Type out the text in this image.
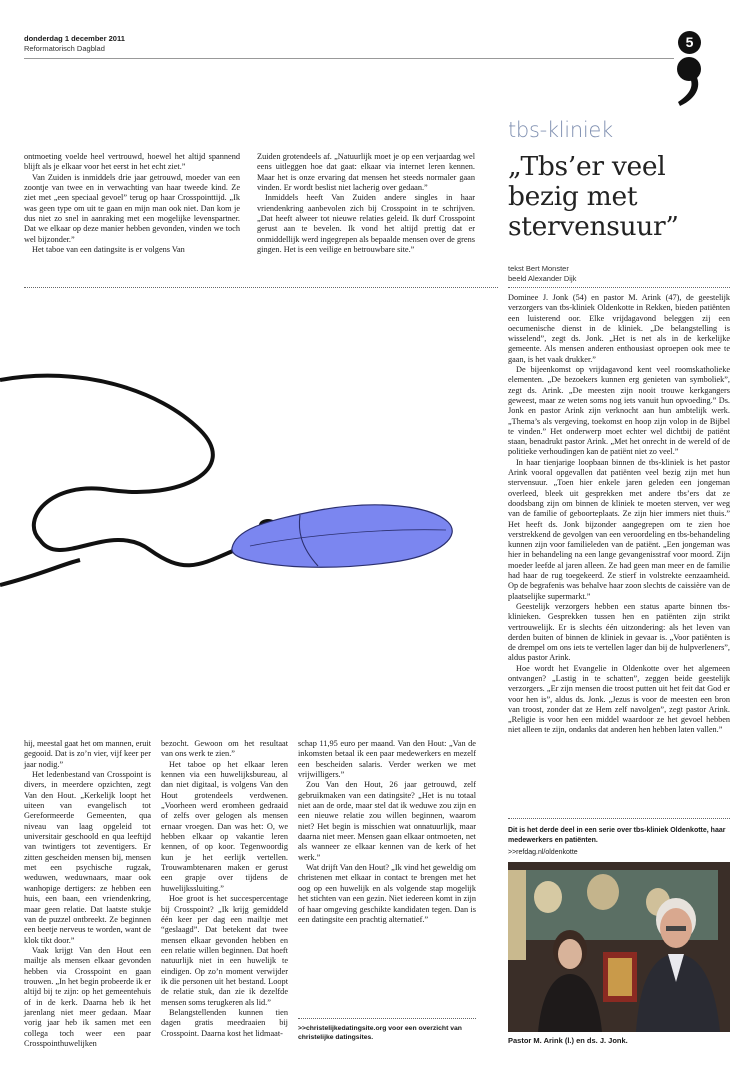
donderdag 1 december 2011
Reformatorisch Dagblad	5

ontmoeting voelde heel vertrouwd, hoewel het altijd spannend blijft als je elkaar voor het eerst in het echt ziet.”

Van Zuiden is inmiddels drie jaar getrouwd, moeder van een zoontje van twee en in verwachting van haar tweede kind. Ze ziet met „een speciaal gevoel” terug op haar Crosspointtijd. „Ik was geen type om uit te gaan en mijn man ook niet. Dan kom je dus niet zo snel in aanraking met een mogelijke levenspartner. Dat we elkaar op deze manier hebben gevonden, vinden we toch wel bijzonder.”

Het taboe van een datingsite is er volgens Van

Zuiden grotendeels af. „Natuurlijk moet je op een verjaardag wel eens uitleggen hoe dat gaat: elkaar via internet leren kennen. Maar het is onze ervaring dat mensen het steeds normaler gaan vinden. Er wordt beslist niet lacherig over gedaan.”

Inmiddels heeft Van Zuiden andere singles in haar vriendenkring aanbevolen zich bij Crosspoint in te schrijven. „Dat heeft alweer tot nieuwe relaties geleid. Ik durf Crosspoint gerust aan te bevelen. Ik vond het altijd prettig dat er onmiddellijk werd ingegrepen als bepaalde mensen over de grens gingen. Het is een veilige en betrouwbare site.”

hij, meestal gaat het om mannen, eruit gegooid. Dat is zo’n vier, vijf keer per jaar nodig.”

Het ledenbestand van Crosspoint is divers, in meerdere opzichten, zegt Van den Hout. „Kerkelijk loopt het uiteen van evangelisch tot Gereformeerde Gemeenten, qua niveau van laag opgeleid tot universitair geschoold en qua leeftijd van twintigers tot zeventigers. Er zitten gescheiden mensen bij, mensen met een psychische rugzak, weduwen, weduwnaars, maar ook wanhopige dertigers: ze hebben een huis, een baan, een vriendenkring, maar geen relatie. Dat laatste stukje van de puzzel ontbreekt. Ze beginnen een beetje nerveus te worden, want de klok tikt door.”

Vaak krijgt Van den Hout een mailtje als mensen elkaar gevonden hebben via Crosspoint en gaan trouwen. „In het begin probeerde ik er altijd bij te zijn: op het gemeentehuis of in de kerk. Daarna heb ik het jarenlang niet meer gedaan. Maar vorig jaar heb ik samen met een collega toch weer een paar Crosspointhuwelijken

bezocht. Gewoon om het resultaat van ons werk te zien.”

Het taboe op het elkaar leren kennen via een huwelijksbureau, al dan niet digitaal, is volgens Van den Hout grotendeels verdwenen. „Voorheen werd eromheen gedraaid of zelfs over gelogen als mensen ernaar vroegen. Dan was het: O, we hebben elkaar op vakantie leren kennen, of op koor. Tegenwoordig kun je het eerlijk vertellen. Trouwambtenaren maken er gerust een grapje over tijdens de huwelijkssluiting.”

Hoe groot is het succespercentage bij Crosspoint? „Ik krijg gemiddeld één keer per dag een mailtje met “geslaagd”. Dat betekent dat twee mensen elkaar gevonden hebben en een relatie willen beginnen. Dat hoeft natuurlijk niet in een huwelijk te eindigen. Op zo’n moment verwijder ik die personen uit het bestand. Loopt de relatie stuk, dan zie ik dezelfde mensen soms terugkeren als lid.”

Belangstellenden kunnen tien dagen gratis meedraaien bij Crosspoint. Daarna kost het lidmaat-

schap 11,95 euro per maand. Van den Hout: „Van de inkomsten betaal ik een paar medewerkers en mezelf een bescheiden salaris. Verder werken we met vrijwilligers.”

Zou Van den Hout, 26 jaar getrouwd, zelf gebruikmaken van een datingsite? „Het is nu totaal niet aan de orde, maar stel dat ik weduwe zou zijn en een nieuwe relatie zou willen beginnen, waarom niet? Het begin is misschien wat onnatuurlijk, maar daarna niet meer. Mensen gaan elkaar ontmoeten, net als wanneer ze elkaar kennen van de kerk of het werk.”

Wat drijft Van den Hout? „Ik vind het geweldig om christenen met elkaar in contact te brengen met het oog op een huwelijk en als volgende stap mogelijk het stichten van een gezin. Niet iedereen komt in zijn of haar omgeving geschikte kandidaten tegen. Dan is een datingsite een prachtig alternatief.”

>>christelijkedatingsite.org voor een overzicht van christelijke datingsites.
tbs-kliniek
„Tbs’er veel bezig met stervensuur”
tekst Bert Monster
beeld Alexander Dijk

Dominee J. Jonk (54) en pastor M. Arink (47), de geestelijk verzorgers van tbs-kliniek Oldenkotte in Rekken, bieden patiënten een luisterend oor. Elke vrijdagavond beleggen zij een oecumenische dienst in de kliniek. „De belangstelling is wisselend”, zegt ds. Jonk. „Het is net als in de kerkelijke gemeente. Als mensen anderen enthousiast oproepen ook mee te gaan, is het vaak drukker.”

De bijeenkomst op vrijdagavond kent veel roomskatholieke elementen. „De bezoekers kunnen erg genieten van symboliek”, zegt ds. Arink. „De meesten zijn nooit trouwe kerkgangers geweest, maar ze weten soms nog iets vanuit hun opvoeding.” Ds. Jonk en pastor Arink zijn verknocht aan hun ambtelijk werk. „Thema’s als vergeving, toekomst en hoop zijn volop in de Bijbel te vinden.” Het onderwerp moet echter wel dichtbij de patiënt staan, benadrukt pastor Arink. „Met het onrecht in de wereld of de politieke verhoudingen kan de patiënt niet zo veel.”

In haar tienjarige loopbaan binnen de tbs-kliniek is het pastor Arink vooral opgevallen dat patiënten veel bezig zijn met hun stervensuur. „Toen hier enkele jaren geleden een jongeman overleed, bleek uit gesprekken met andere tbs’ers dat ze doodsbang zijn om binnen de kliniek te moeten sterven, ver weg van de familie of geboorteplaats. Ze zijn hier immers niet thuis.” Het heeft ds. Jonk bijzonder aangegrepen om te zien hoe verstrekkend de gevolgen van een veroordeling en tbs-behandeling kunnen zijn voor familieleden van de patiënt. „Een jongeman was hier in behandeling na een lange gevangenisstraf voor moord. Zijn moeder leefde al jaren alleen. Ze had geen man meer en de familie had haar de rug toegekeerd. Ze stierf in volstrekte eenzaamheid. Op de begrafenis was behalve haar zoon slechts de caissière van de plaatselijke supermarkt.”

Geestelijk verzorgers hebben een status aparte binnen tbs-klinieken. Gesprekken tussen hen en patiënten zijn strikt vertrouwelijk. Er is slechts één uitzondering: als het leven van derden buiten of binnen de kliniek in gevaar is. „Voor patiënten is de drempel om ons iets te vertellen lager dan bij de hulpverleners”, aldus pastor Arink.

Hoe wordt het Evangelie in Oldenkotte over het algemeen ontvangen? „Lastig in te schatten”, zeggen beide geestelijk verzorgers. „Er zijn mensen die troost putten uit het feit dat God er voor hen is”, aldus ds. Jonk. „Jezus is voor de meesten een bron van troost, zonder dat ze Hem zelf navolgen”, zegt pastor Arink. „Religie is voor hen een middel waardoor ze het gevoel hebben niet alleen te zijn, ondanks dat anderen hen hebben laten vallen.”

Dit is het derde deel in een serie over tbs-kliniek Oldenkotte, haar medewerkers en patiënten.
>>refdag.nl/oldenkotte
Pastor M. Arink (l.) en ds. J. Jonk.
